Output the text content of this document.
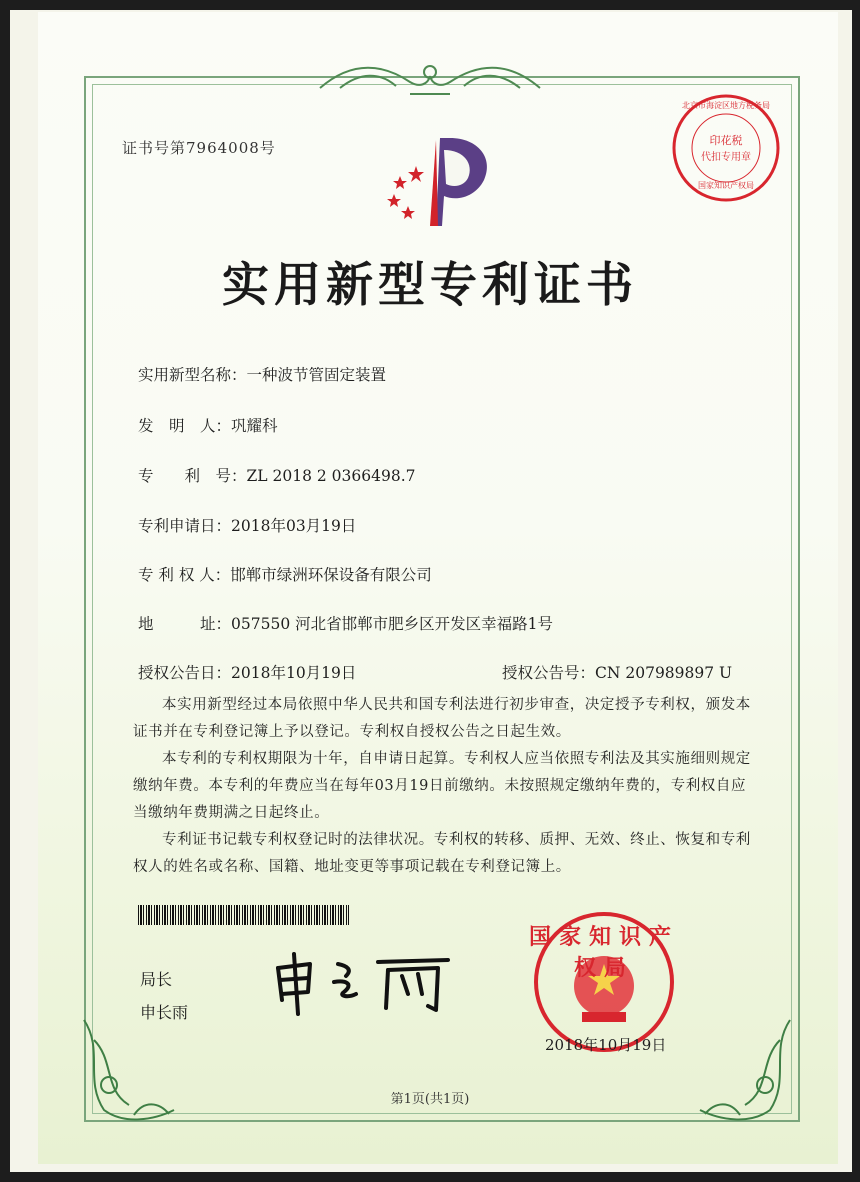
证书号第7964008号
北京市海淀区地方税务局
印花税
代扣专用章
国家知识产权局
实用新型专利证书
实用新型名称：一种波节管固定装置
发　明　人：巩耀科
专　　利　号：ZL 2018 2 0366498.7
专利申请日：2018年03月19日
专 利 权 人：邯郸市绿洲环保设备有限公司
地　　　址：057550 河北省邯郸市肥乡区开发区幸福路1号
授权公告日：2018年10月19日	授权公告号：CN 207989897 U

本实用新型经过本局依照中华人民共和国专利法进行初步审查，决定授予专利权，颁发本证书并在专利登记簿上予以登记。专利权自授权公告之日起生效。

本专利的专利权期限为十年，自申请日起算。专利权人应当依照专利法及其实施细则规定缴纳年费。本专利的年费应当在每年03月19日前缴纳。未按照规定缴纳年费的，专利权自应当缴纳年费期满之日起终止。

专利证书记载专利权登记时的法律状况。专利权的转移、质押、无效、终止、恢复和专利权人的姓名或名称、国籍、地址变更等事项记载在专利登记簿上。

局长
申长雨
国家知识产权局
2018年10月19日
第1页(共1页)
